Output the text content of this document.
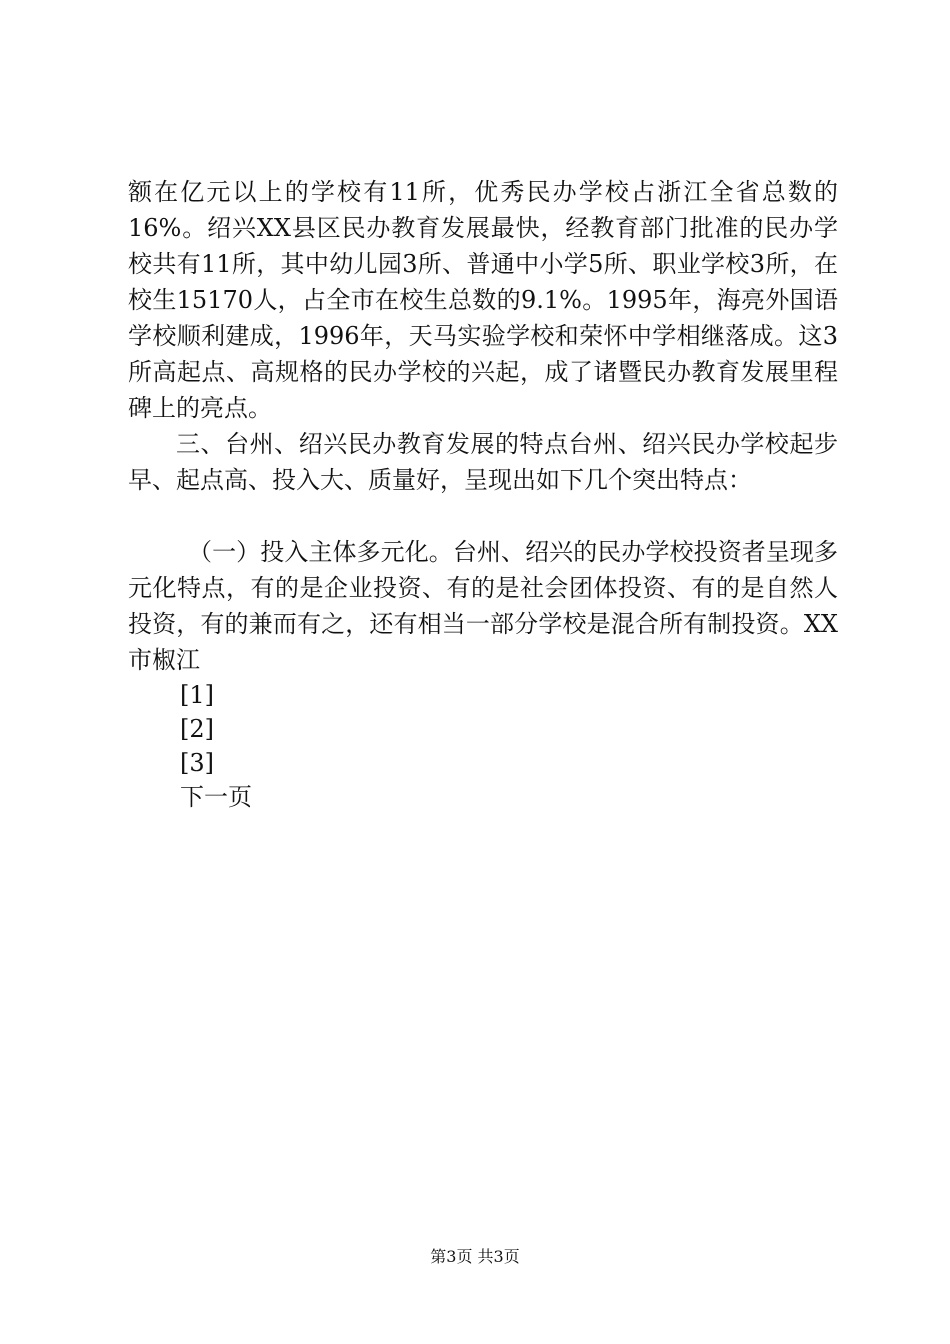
额在亿元以上的学校有11所，优秀民办学校占浙江全省总数的16%。绍兴XX县区民办教育发展最快，经教育部门批准的民办学校共有11所，其中幼儿园3所、普通中小学5所、职业学校3所，在校生15170人，占全市在校生总数的9.1%。1995年，海亮外国语学校顺利建成，1996年，天马实验学校和荣怀中学相继落成。这3所高起点、高规格的民办学校的兴起，成了诸暨民办教育发展里程碑上的亮点。

三、台州、绍兴民办教育发展的特点台州、绍兴民办学校起步早、起点高、投入大、质量好，呈现出如下几个突出特点：

（一）投入主体多元化。台州、绍兴的民办学校投资者呈现多元化特点，有的是企业投资、有的是社会团体投资、有的是自然人投资，有的兼而有之，还有相当一部分学校是混合所有制投资。XX市椒江

[1]
[2]
[3]
下一页
第3页 共3页
